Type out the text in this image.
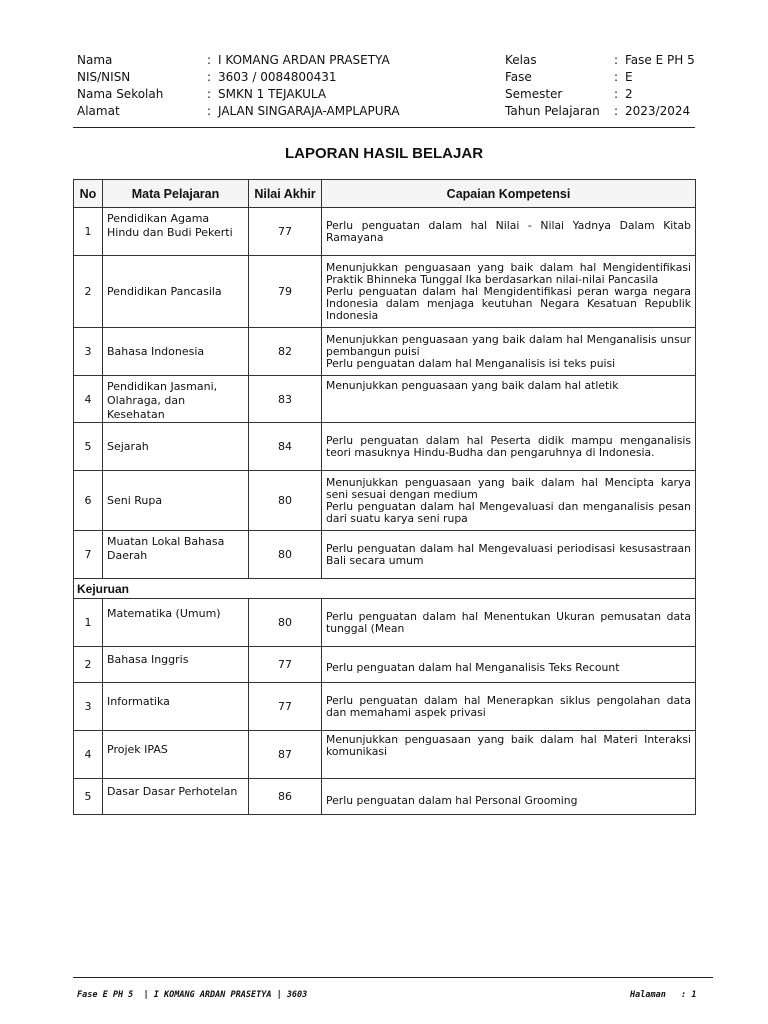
Nama	: I KOMANG ARDAN PRASETYA
NIS/NISN	: 3603 / 0084800431
Nama Sekolah	: SMKN 1 TEJAKULA
Alamat	: JALAN SINGARAJA-AMPLAPURA
Kelas	: Fase E PH 5
Fase	: E
Semester	: 2
Tahun Pelajaran	: 2023/2024
LAPORAN HASIL BELAJAR
No	Mata Pelajaran	Nilai Akhir	Capaian Kompetensi
1	Pendidikan Agama Hindu dan Budi Pekerti	77	Perlu penguatan dalam hal Nilai - Nilai Yadnya Dalam Kitab Ramayana

2	Pendidikan Pancasila	79	Menunjukkan penguasaan yang baik dalam hal Mengidentifikasi Praktik Bhinneka Tunggal Ika berdasarkan nilai-nilai Pancasila
Perlu penguatan dalam hal Mengidentifikasi peran warga negara Indonesia dalam menjaga keutuhan Negara Kesatuan Republik Indonesia

3	Bahasa Indonesia	82	Menunjukkan penguasaan yang baik dalam hal Menganalisis unsur pembangun puisi
Perlu penguatan dalam hal Menganalisis isi teks puisi

4	Pendidikan Jasmani, Olahraga, dan Kesehatan	83	Menunjukkan penguasaan yang baik dalam hal atletik

5	Sejarah	84	Perlu penguatan dalam hal Peserta didik mampu menganalisis teori masuknya Hindu-Budha dan pengaruhnya di Indonesia.

6	Seni Rupa	80	Menunjukkan penguasaan yang baik dalam hal Mencipta karya seni sesuai dengan medium
Perlu penguatan dalam hal Mengevaluasi dan menganalisis pesan dari suatu karya seni rupa

7	Muatan Lokal Bahasa Daerah	80	Perlu penguatan dalam hal Mengevaluasi periodisasi kesusastraan Bali secara umum

Kejuruan			
1	Matematika (Umum)	80	Perlu penguatan dalam hal Menentukan Ukuran pemusatan data tunggal (Mean

2	Bahasa Inggris	77	Perlu penguatan dalam hal Menganalisis Teks Recount

3	Informatika	77	Perlu penguatan dalam hal Menerapkan siklus pengolahan data dan memahami aspek privasi

4	Projek IPAS	87	Menunjukkan penguasaan yang baik dalam hal Materi Interaksi komunikasi

5	Dasar Dasar Perhotelan	86	Perlu penguatan dalam hal Personal Grooming
Fase E PH 5  | I KOMANG ARDAN PRASETYA | 3603	Halaman   : 1
